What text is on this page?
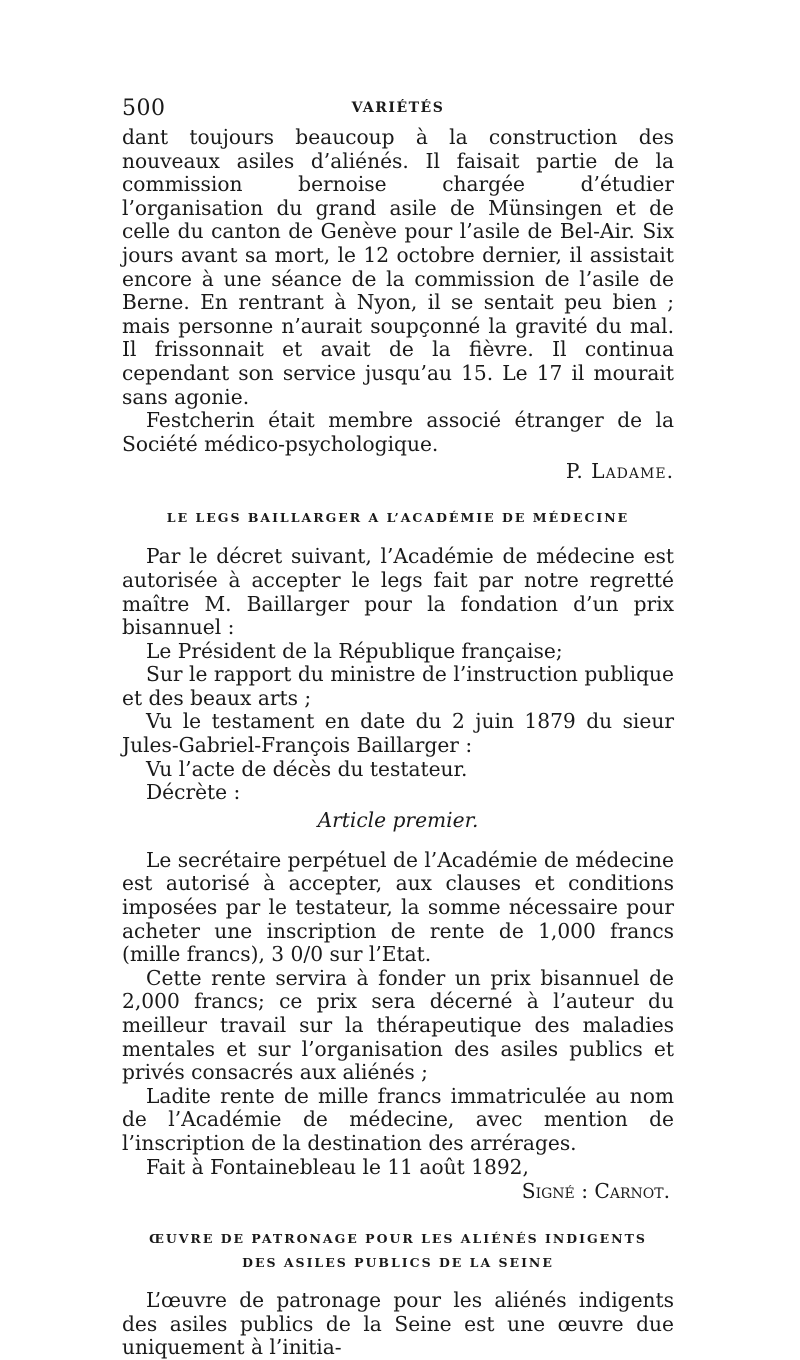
500	VARIÉTÉS

dant toujours beaucoup à la construction des nouveaux asiles d’aliénés. Il faisait partie de la commission bernoise chargée d’étudier l’organisation du grand asile de Münsingen et de celle du canton de Genève pour l’asile de Bel-Air. Six jours avant sa mort, le 12 octobre dernier, il assistait encore à une séance de la commission de l’asile de Berne. En rentrant à Nyon, il se sentait peu bien ; mais personne n’aurait soupçonné la gravité du mal. Il frissonnait et avait de la fièvre. Il continua cependant son service jusqu’au 15. Le 17 il mourait sans agonie.

Festcherin était membre associé étranger de la Société médico-psychologique.

P. Ladame.
LE LEGS BAILLARGER A L’ACADÉMIE DE MÉDECINE

Par le décret suivant, l’Académie de médecine est autorisée à accepter le legs fait par notre regretté maître M. Baillarger pour la fondation d’un prix bisannuel :

Le Président de la République française;

Sur le rapport du ministre de l’instruction publique et des beaux arts ;

Vu le testament en date du 2 juin 1879 du sieur Jules-Gabriel-François Baillarger :

Vu l’acte de décès du testateur.

Décrète :

Article premier.

Le secrétaire perpétuel de l’Académie de médecine est autorisé à accepter, aux clauses et conditions imposées par le testateur, la somme nécessaire pour acheter une inscription de rente de 1,000 francs (mille francs), 3 0/0 sur l’Etat.

Cette rente servira à fonder un prix bisannuel de 2,000 francs; ce prix sera décerné à l’auteur du meilleur travail sur la thérapeutique des maladies mentales et sur l’organisation des asiles publics et privés consacrés aux aliénés ;

Ladite rente de mille francs immatriculée au nom de l’Académie de médecine, avec mention de l’inscription de la destination des arrérages.

Fait à Fontainebleau le 11 août 1892,

Signé : Carnot.
ŒUVRE DE PATRONAGE POUR LES ALIÉNÉS INDIGENTS
DES ASILES PUBLICS DE LA SEINE

L’œuvre de patronage pour les aliénés indigents des asiles publics de la Seine est une œuvre due uniquement à l’initia-
